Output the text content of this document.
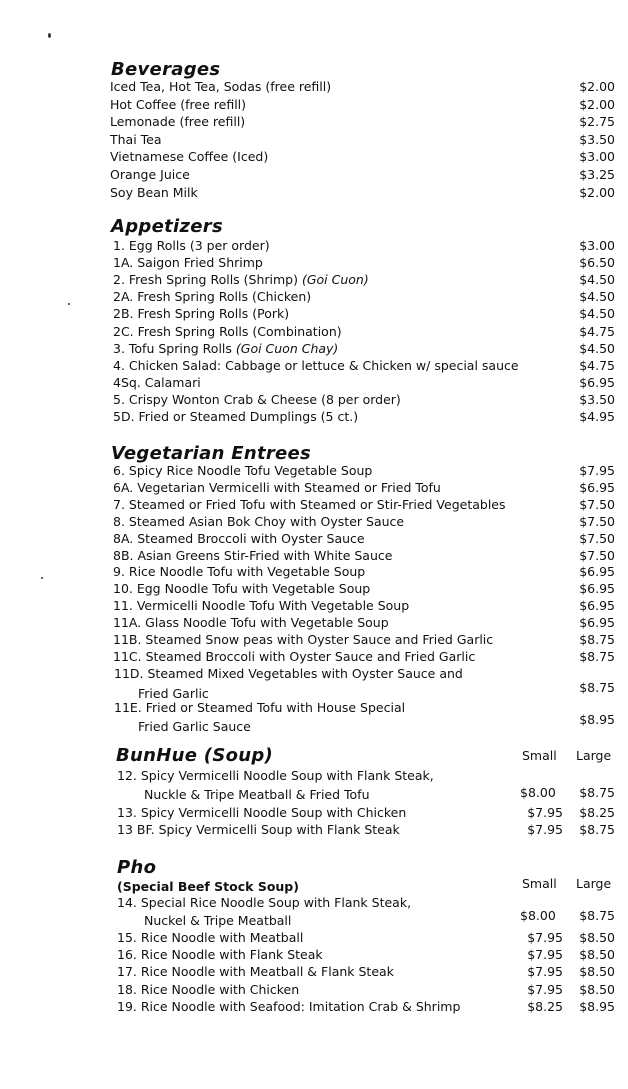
Beverages
Iced Tea, Hot Tea, Sodas (free refill)	$2.00
Hot Coffee (free refill)	$2.00
Lemonade (free refill)	$2.75
Thai Tea	$3.50
Vietnamese Coffee (Iced)	$3.00
Orange Juice	$3.25
Soy Bean Milk	$2.00
Appetizers
1. Egg Rolls (3 per order)	$3.00
1A. Saigon Fried Shrimp	$6.50
2. Fresh Spring Rolls (Shrimp) (Goi Cuon)	$4.50
2A. Fresh Spring Rolls (Chicken)	$4.50
2B. Fresh Spring Rolls (Pork)	$4.50
2C. Fresh Spring Rolls (Combination)	$4.75
3. Tofu Spring Rolls (Goi Cuon Chay)	$4.50
4. Chicken Salad: Cabbage or lettuce & Chicken w/ special sauce	$4.75
4Sq. Calamari	$6.95
5. Crispy Wonton Crab & Cheese (8 per order)	$3.50
5D. Fried or Steamed Dumplings (5 ct.)	$4.95
Vegetarian Entrees
6. Spicy Rice Noodle Tofu Vegetable Soup	$7.95
6A. Vegetarian Vermicelli with Steamed or Fried Tofu	$6.95
7. Steamed or Fried Tofu with Steamed or Stir-Fried Vegetables	$7.50
8. Steamed Asian Bok Choy with Oyster Sauce	$7.50
8A. Steamed Broccoli with Oyster Sauce	$7.50
8B. Asian Greens Stir-Fried with White Sauce	$7.50
9. Rice Noodle Tofu with Vegetable Soup	$6.95
10. Egg Noodle Tofu with Vegetable Soup	$6.95
11. Vermicelli Noodle Tofu With Vegetable Soup	$6.95
11A. Glass Noodle Tofu with Vegetable Soup	$6.95
11B. Steamed Snow peas with Oyster Sauce and Fried Garlic	$8.75
11C. Steamed Broccoli with Oyster Sauce and Fried Garlic	$8.75
11D. Steamed Mixed Vegetables with Oyster Sauce and
Fried Garlic	$8.75
11E. Fried or Steamed Tofu with House Special
Fried Garlic Sauce	$8.95
BunHue (Soup)	Small Large
12. Spicy Vermicelli Noodle Soup with Flank Steak,
Nuckle & Tripe Meatball & Fried Tofu	$8.00 $8.75
13. Spicy Vermicelli Noodle Soup with Chicken	$7.95 $8.25
13 BF. Spicy Vermicelli Soup with Flank Steak	$7.95 $8.75
Pho
(Special Beef Stock Soup)	Small Large
14. Special Rice Noodle Soup with Flank Steak,
Nuckel & Tripe Meatball	$8.00 $8.75
15. Rice Noodle with Meatball	$7.95 $8.50
16. Rice Noodle with Flank Steak	$7.95 $8.50
17. Rice Noodle with Meatball & Flank Steak	$7.95 $8.50
18. Rice Noodle with Chicken	$7.95 $8.50
19. Rice Noodle with Seafood: Imitation Crab & Shrimp	$8.25 $8.95
